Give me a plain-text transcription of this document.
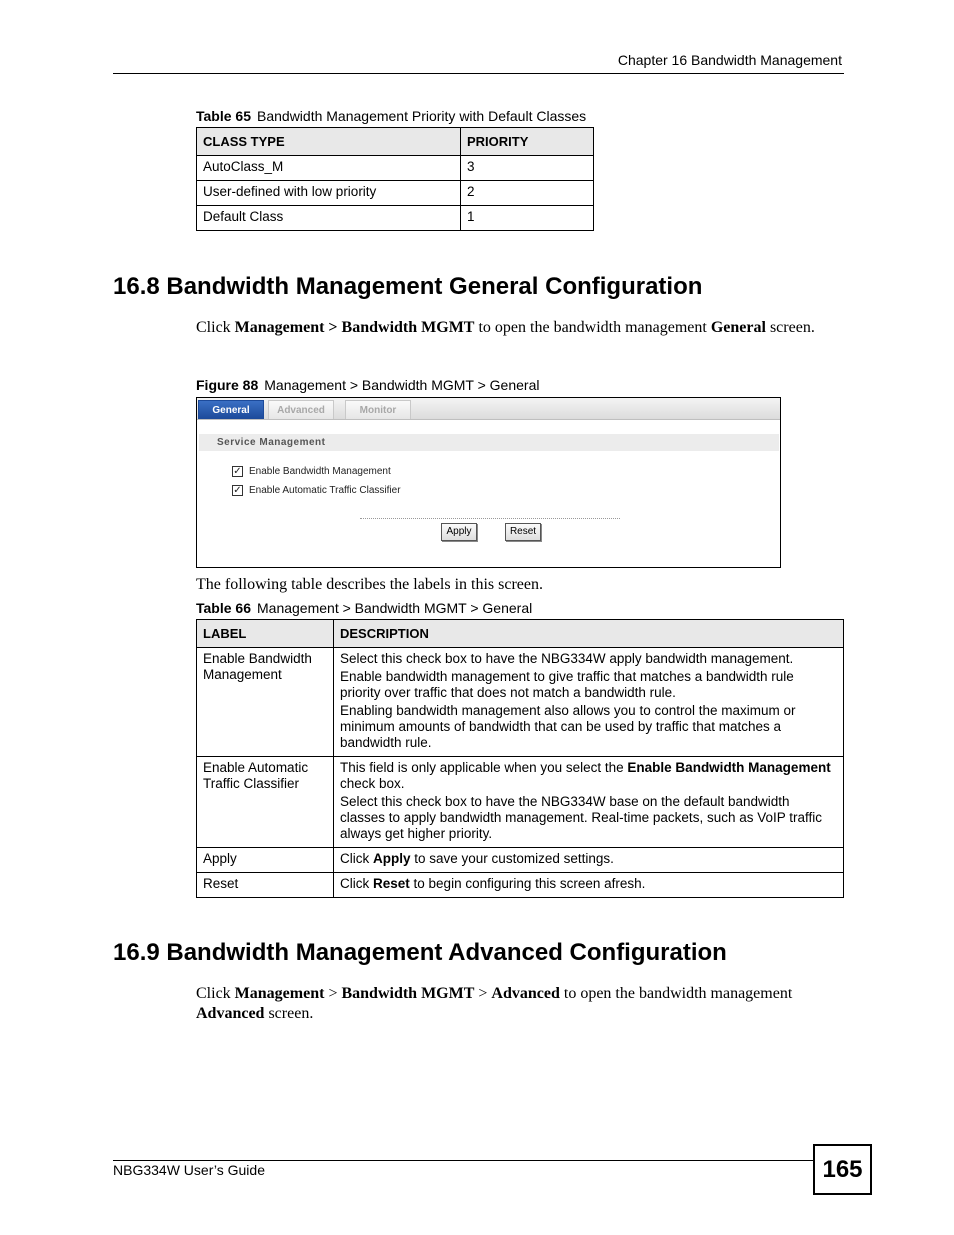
Chapter 16 Bandwidth Management
Table 65 Bandwidth Management Priority with Default Classes
CLASS TYPE	PRIORITY
AutoClass_M	3
User-defined with low priority	2
Default Class	1
16.8 Bandwidth Management General Configuration
Click Management > Bandwidth MGMT to open the bandwidth management General screen.
Figure 88 Management > Bandwidth MGMT > General
General	Advanced	Monitor
Service Management
✓ Enable Bandwidth Management
✓ Enable Automatic Traffic Classifier
Apply	Reset
The following table describes the labels in this screen.
Table 66 Management > Bandwidth MGMT > General
LABEL	DESCRIPTION
Enable Bandwidth Management	Select this check box to have the NBG334W apply bandwidth management.

Enable bandwidth management to give traffic that matches a bandwidth rule priority over traffic that does not match a bandwidth rule.

Enabling bandwidth management also allows you to control the maximum or minimum amounts of bandwidth that can be used by traffic that matches a bandwidth rule.

Enable Automatic Traffic Classifier	This field is only applicable when you select the Enable Bandwidth Management check box.

Select this check box to have the NBG334W base on the default bandwidth classes to apply bandwidth management. Real-time packets, such as VoIP traffic always get higher priority.

Apply	Click Apply to save your customized settings.
Reset	Click Reset to begin configuring this screen afresh.
16.9 Bandwidth Management Advanced Configuration
Click Management > Bandwidth MGMT > Advanced to open the bandwidth management Advanced screen.
NBG334W User’s Guide	165
